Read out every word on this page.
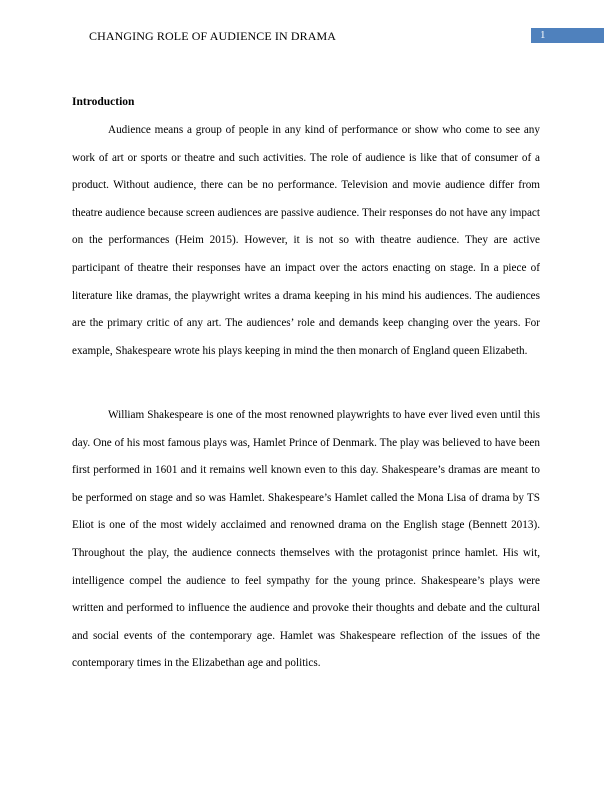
CHANGING ROLE OF AUDIENCE IN DRAMA	1
Introduction

Audience means a group of people in any kind of performance or show who come to see any work of art or sports or theatre and such activities. The role of audience is like that of consumer of a product. Without audience, there can be no performance. Television and movie audience differ from theatre audience because screen audiences are passive audience. Their responses do not have any impact on the performances (Heim 2015). However, it is not so with theatre audience. They are active participant of theatre their responses have an impact over the actors enacting on stage. In a piece of literature like dramas, the playwright writes a drama keeping in his mind his audiences. The audiences are the primary critic of any art. The audiences’ role and demands keep changing over the years. For example, Shakespeare wrote his plays keeping in mind the then monarch of England queen Elizabeth.

William Shakespeare is one of the most renowned playwrights to have ever lived even until this day. One of his most famous plays was, Hamlet Prince of Denmark. The play was believed to have been first performed in 1601 and it remains well known even to this day. Shakespeare’s dramas are meant to be performed on stage and so was Hamlet. Shakespeare’s Hamlet called the Mona Lisa of drama by TS Eliot is one of the most widely acclaimed and renowned drama on the English stage (Bennett 2013). Throughout the play, the audience connects themselves with the protagonist prince hamlet. His wit, intelligence compel the audience to feel sympathy for the young prince. Shakespeare’s plays were written and performed to influence the audience and provoke their thoughts and debate and the cultural and social events of the contemporary age. Hamlet was Shakespeare reflection of the issues of the contemporary times in the Elizabethan age and politics.
